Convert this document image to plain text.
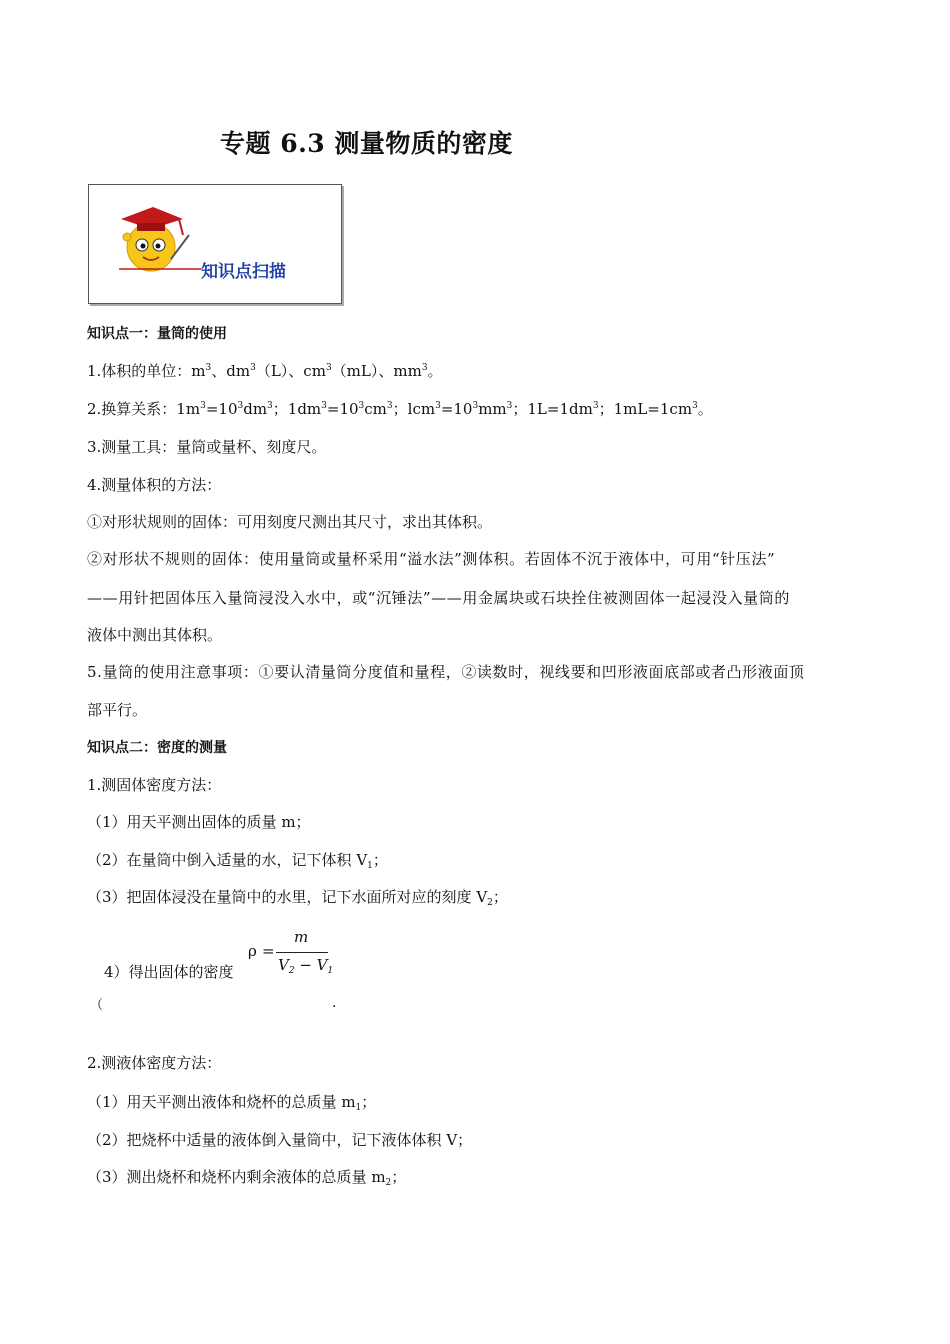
专题 6.3 测量物质的密度
知识点扫描
知识点一：量筒的使用
1.体积的单位：$m^3$、$dm^3(L)$、$cm^3(mL)$、$mm^3$。
2.换算关系：$1m^3=10^3dm^3$；$1dm^3=10^3cm^3$；$lcm^3=10^3mm^3$；$1L=1dm^3$；$1mL=1cm^3$。
3.测量工具：量筒或量杯、刻度尺。
4.测量体积的方法：
①对形状规则的固体：可用刻度尺测出其尺寸，求出其体积。
②对形状不规则的固体：使用量筒或量杯采用“溢水法”测体积。若固体不沉于液体中，可用“针压法”
——用针把固体压入量筒浸没入水中，或“沉锤法”——用金属块或石块拴住被测固体一起浸没入量筒的
液体中测出其体积。
5.量筒的使用注意事项：①要认清量筒分度值和量程，②读数时，视线要和凹形液面底部或者凸形液面顶
部平行。
知识点二：密度的测量
1.测固体密度方法：
（1）用天平测出固体的质量 m；
（2）在量筒中倒入适量的水，记下体积 $V_1$；
（3）把固体浸没在量筒中的水里，记下水面所对应的刻度 $V_2$；
4）得出固体的密度
（
ρ =
m
$V_2 - V_1$
.
2.测液体密度方法：
（1）用天平测出液体和烧杯的总质量 $m_1$；
（2）把烧杯中适量的液体倒入量筒中，记下液体体积 V；
（3）测出烧杯和烧杯内剩余液体的总质量 $m_2$；
